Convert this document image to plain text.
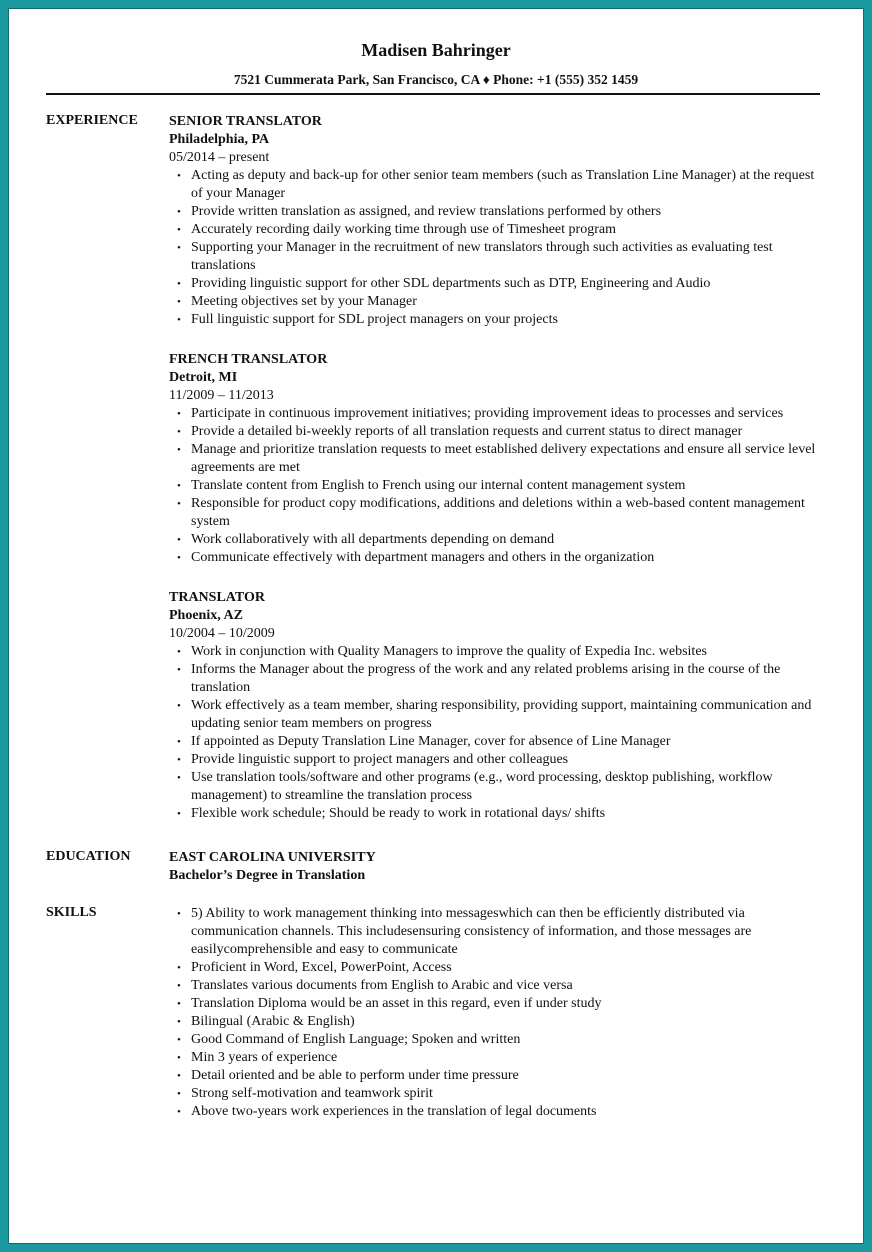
Madisen Bahringer
7521 Cummerata Park, San Francisco, CA ♦ Phone: +1 (555) 352 1459
EXPERIENCE SENIOR TRANSLATOR
Philadelphia, PA
05/2014 – present
• Acting as deputy and back-up for other senior team members (such as Translation Line Manager) at the request of your Manager
• Provide written translation as assigned, and review translations performed by others
• Accurately recording daily working time through use of Timesheet program
• Supporting your Manager in the recruitment of new translators through such activities as evaluating test translations
• Providing linguistic support for other SDL departments such as DTP, Engineering and Audio
• Meeting objectives set by your Manager
• Full linguistic support for SDL project managers on your projects
FRENCH TRANSLATOR
Detroit, MI
11/2009 – 11/2013
• Participate in continuous improvement initiatives; providing improvement ideas to processes and services
• Provide a detailed bi-weekly reports of all translation requests and current status to direct manager
• Manage and prioritize translation requests to meet established delivery expectations and ensure all service level agreements are met
• Translate content from English to French using our internal content management system
• Responsible for product copy modifications, additions and deletions within a web-based content management system
• Work collaboratively with all departments depending on demand
• Communicate effectively with department managers and others in the organization
TRANSLATOR
Phoenix, AZ
10/2004 – 10/2009
• Work in conjunction with Quality Managers to improve the quality of Expedia Inc. websites
• Informs the Manager about the progress of the work and any related problems arising in the course of the translation
• Work effectively as a team member, sharing responsibility, providing support, maintaining communication and updating senior team members on progress
• If appointed as Deputy Translation Line Manager, cover for absence of Line Manager
• Provide linguistic support to project managers and other colleagues
• Use translation tools/software and other programs (e.g., word processing, desktop publishing, workflow management) to streamline the translation process
• Flexible work schedule; Should be ready to work in rotational days/ shifts
EDUCATION	EAST CAROLINA UNIVERSITY
Bachelor’s Degree in Translation
SKILLS
•	5) Ability to work management thinking into messageswhich can then be efficiently distributed via communication channels. This includesensuring consistency of information, and those messages are easilycomprehensible and easy to communicate
• Proficient in Word, Excel, PowerPoint, Access
• Translates various documents from English to Arabic and vice versa
• Translation Diploma would be an asset in this regard, even if under study
• Bilingual (Arabic & English)
• Good Command of English Language; Spoken and written
• Min 3 years of experience
• Detail oriented and be able to perform under time pressure
• Strong self-motivation and teamwork spirit
• Above two-years work experiences in the translation of legal documents
